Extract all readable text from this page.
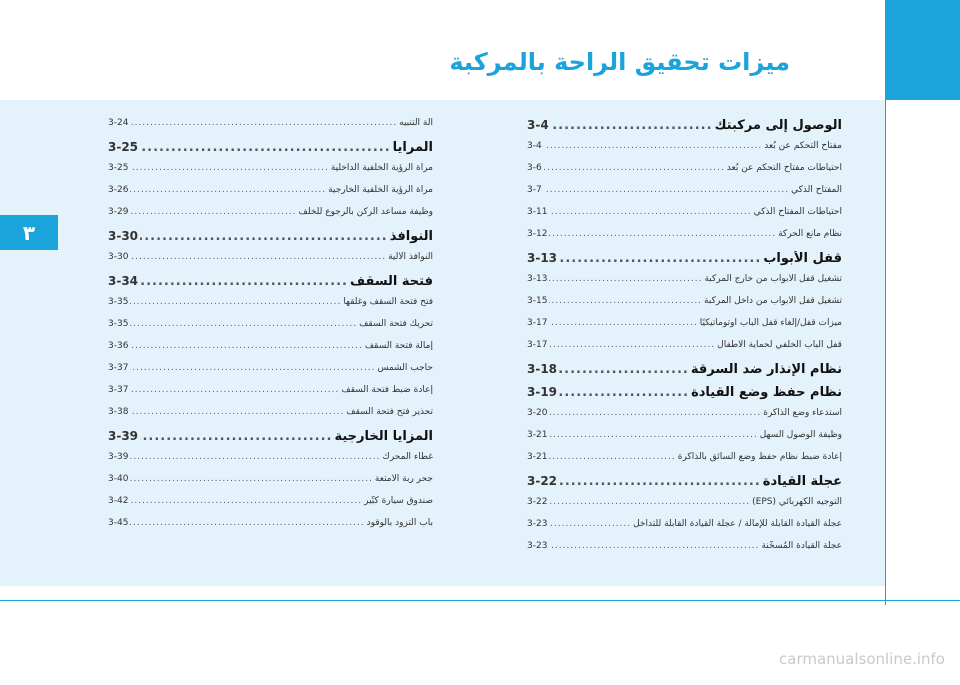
ميزات تحقيق الراحة بالمركبة
٣
الوصول إلى مركبتك
.....
3-4
مفتاح التحكم عن بُعد
.....
3-4
احتياطات مفتاح التحكم عن بُعد
.....
3-6
المفتاح الذكي
.....
3-7
احتياطات المفتاح الذكي
.....
3-11
نظام مانع الحركة
.....
3-12
قفل الأبواب
.....
3-13
تشغيل قفل الأبواب من خارج المركبة
.....
3-13
تشغيل قفل الأبواب من داخل المركبة
.....
3-15
ميزات قفل/إلغاء قفل الباب أوتوماتيكيًا
.....
3-17
قفل الباب الخلفي لحماية الأطفال
.....
3-17
نظام الإنذار ضد السرقة
.....
3-18
نظام حفظ وضع القيادة
.....
3-19
استدعاء وضع الذاكرة
.....
3-20
وظيفة الوصول السهل
.....
3-21
إعادة ضبط نظام حفظ وضع السائق بالذاكرة
.....
3-21
عجلة القيادة
.....
3-22
التوجيه الكهربائي (EPS)
.....
3-22
عجلة القيادة القابلة للإمالة / عجلة القيادة القابلة للتداخل
.....
3-23
عجلة القيادة المُسخّنة
.....
3-23
آلة التنبيه
.....
3-24
المرايا
.....
3-25
مرآة الرؤية الخلفية الداخلية
.....
3-25
مرآة الرؤية الخلفية الخارجية
.....
3-26
وظيفة مساعد الركن بالرجوع للخلف
.....
3-29
النوافذ
.....
3-30
النوافذ الآلية
.....
3-30
فتحة السقف
.....
3-34
فتح فتحة السقف وغلقها
.....
3-35
تحريك فتحة السقف
.....
3-35
إمالة فتحة السقف
.....
3-36
حاجب الشمس
.....
3-37
إعادة ضبط فتحة السقف
.....
3-37
تحذير فتح فتحة السقف
.....
3-38
المزايا الخارجية
.....
3-39
غطاء المحرك
.....
3-39
جحر ربة الأمتعة
.....
3-40
صندوق سيارة كَبِّير
.....
3-42
باب التزود بالوقود
.....
3-45
carmanualsonline.info
